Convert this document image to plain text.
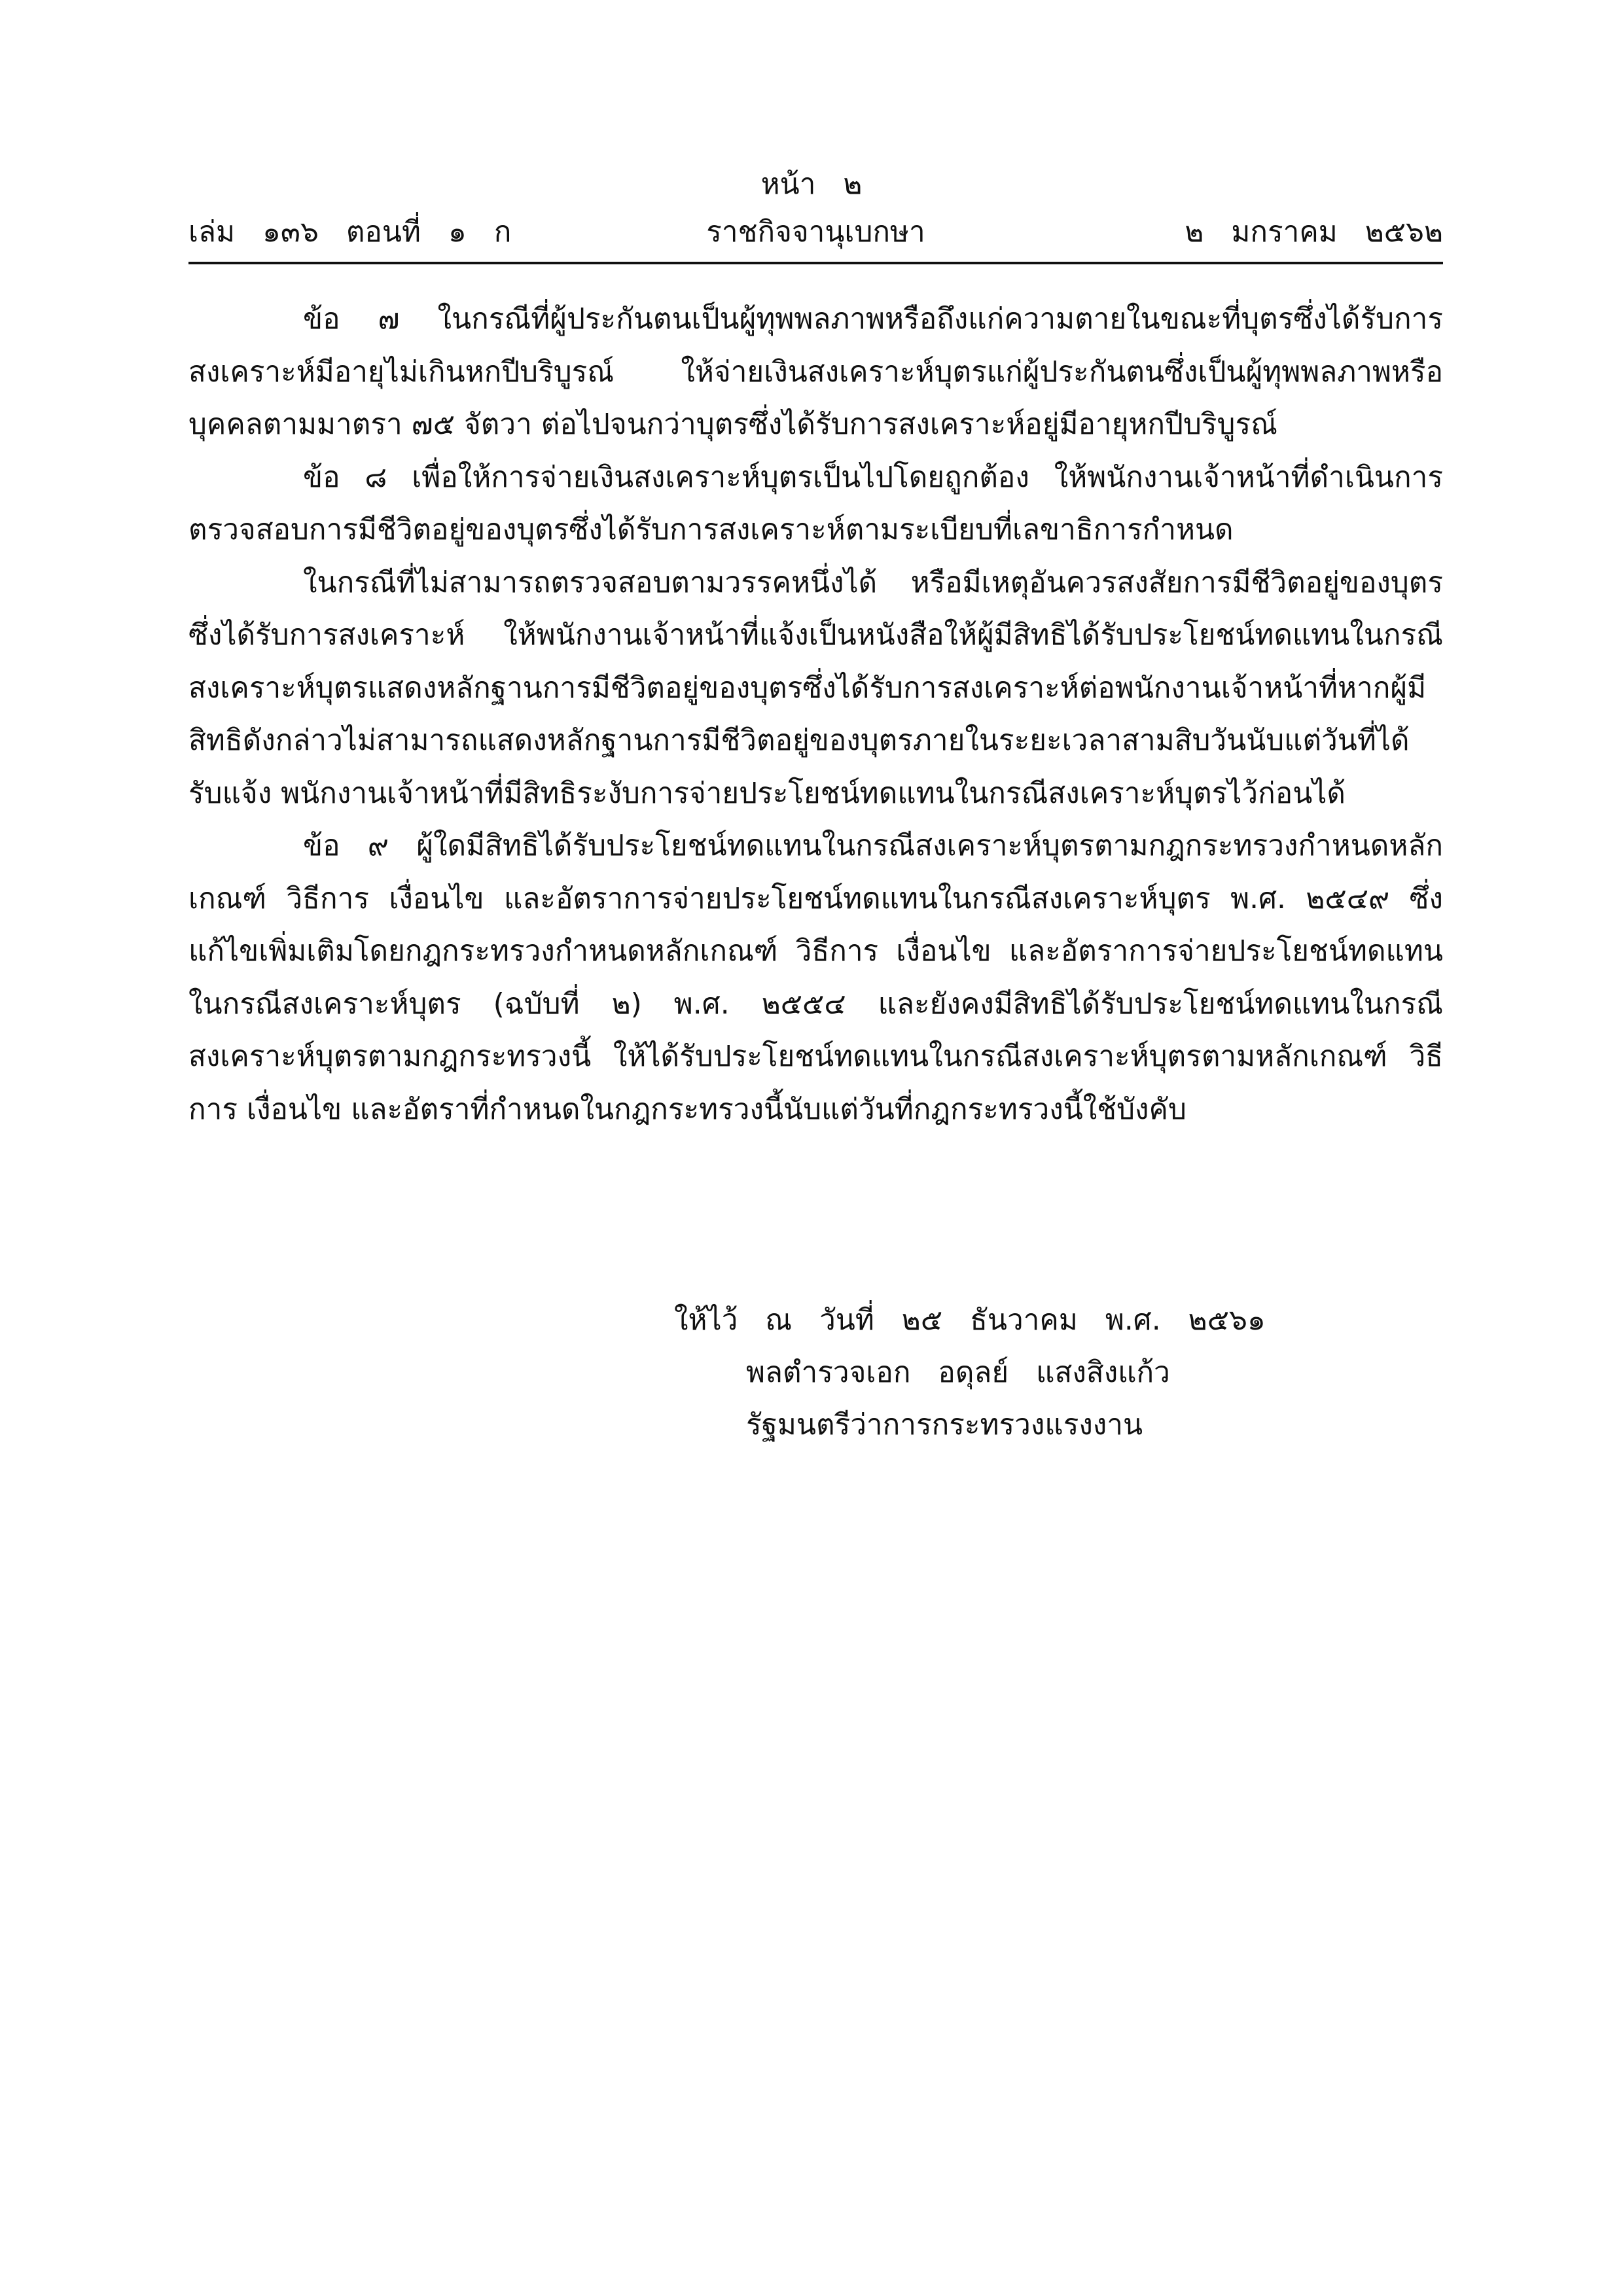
หน้า   ๒
เล่ม   ๑๓๖   ตอนที่   ๑   ก	ราชกิจจานุเบกษา	๒   มกราคม   ๒๕๖๒

ข้อ ๗ ในกรณีที่ผู้ประกันตนเป็นผู้ทุพพลภาพหรือถึงแก่ความตายในขณะที่บุตรซึ่งได้รับการสงเคราะห์มีอายุไม่เกินหกปีบริบูรณ์ ให้จ่ายเงินสงเคราะห์บุตรแก่ผู้ประกันตนซึ่งเป็นผู้ทุพพลภาพหรือบุคคลตามมาตรา ๗๕ จัตวา ต่อไปจนกว่าบุตรซึ่งได้รับการสงเคราะห์อยู่มีอายุหกปีบริบูรณ์

ข้อ ๘ เพื่อให้การจ่ายเงินสงเคราะห์บุตรเป็นไปโดยถูกต้อง ให้พนักงานเจ้าหน้าที่ดำเนินการตรวจสอบการมีชีวิตอยู่ของบุตรซึ่งได้รับการสงเคราะห์ตามระเบียบที่เลขาธิการกำหนด

ในกรณีที่ไม่สามารถตรวจสอบตามวรรคหนึ่งได้ หรือมีเหตุอันควรสงสัยการมีชีวิตอยู่ของบุตรซึ่งได้รับการสงเคราะห์ ให้พนักงานเจ้าหน้าที่แจ้งเป็นหนังสือให้ผู้มีสิทธิได้รับประโยชน์ทดแทนในกรณีสงเคราะห์บุตรแสดงหลักฐานการมีชีวิตอยู่ของบุตรซึ่งได้รับการสงเคราะห์ต่อพนักงานเจ้าหน้าที่หากผู้มีสิทธิดังกล่าวไม่สามารถแสดงหลักฐานการมีชีวิตอยู่ของบุตรภายในระยะเวลาสามสิบวันนับแต่วันที่ได้รับแจ้ง พนักงานเจ้าหน้าที่มีสิทธิระงับการจ่ายประโยชน์ทดแทนในกรณีสงเคราะห์บุตรไว้ก่อนได้

ข้อ ๙ ผู้ใดมีสิทธิได้รับประโยชน์ทดแทนในกรณีสงเคราะห์บุตรตามกฎกระทรวงกำหนดหลักเกณฑ์ วิธีการ เงื่อนไข และอัตราการจ่ายประโยชน์ทดแทนในกรณีสงเคราะห์บุตร พ.ศ. ๒๕๔๙ ซึ่งแก้ไขเพิ่มเติมโดยกฎกระทรวงกำหนดหลักเกณฑ์ วิธีการ เงื่อนไข และอัตราการจ่ายประโยชน์ทดแทนในกรณีสงเคราะห์บุตร (ฉบับที่ ๒) พ.ศ. ๒๕๕๔ และยังคงมีสิทธิได้รับประโยชน์ทดแทนในกรณีสงเคราะห์บุตรตามกฎกระทรวงนี้ ให้ได้รับประโยชน์ทดแทนในกรณีสงเคราะห์บุตรตามหลักเกณฑ์ วิธีการ เงื่อนไข และอัตราที่กำหนดในกฎกระทรวงนี้นับแต่วันที่กฎกระทรวงนี้ใช้บังคับ

ให้ไว้   ณ   วันที่   ๒๕   ธันวาคม   พ.ศ.   ๒๕๖๑
พลตำรวจเอก   อดุลย์   แสงสิงแก้ว
รัฐมนตรีว่าการกระทรวงแรงงาน
